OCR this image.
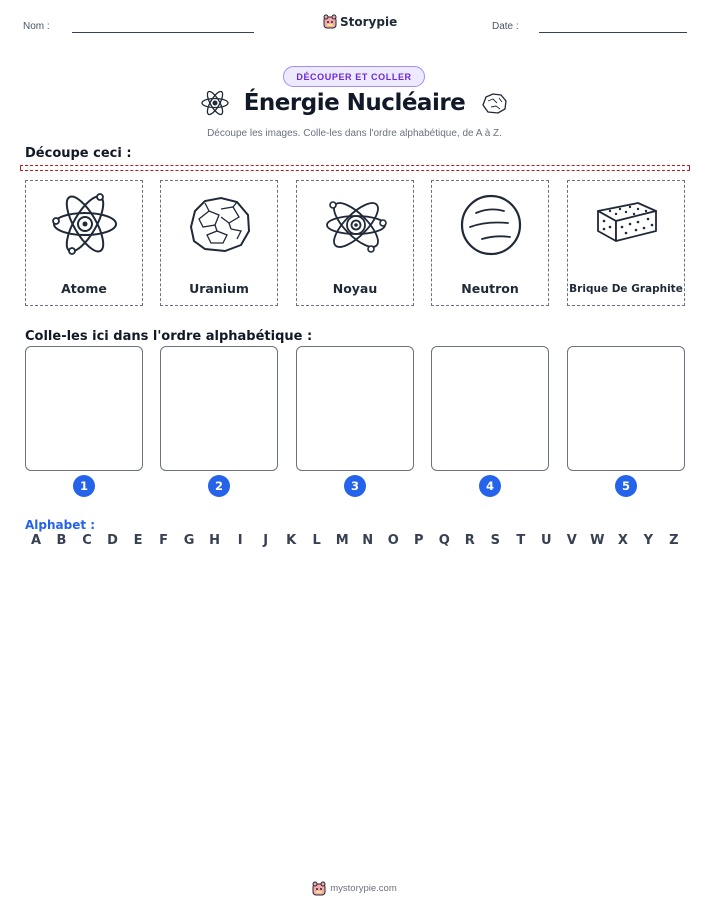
Nom :	Storypie	Date :
DÉCOUPER ET COLLER
Énergie Nucléaire
Découpe les images. Colle-les dans l'ordre alphabétique, de A à Z.
Découpe ceci :
Atome	Uranium	Noyau	Neutron	Brique De Graphite
Colle-les ici dans l'ordre alphabétique :
1	2	3	4	5
Alphabet :
A	B	C	D	E	F	G	H	I	J	K	L	M	N	O	P	Q	R	S	T	U	V	W	X	Y	Z
mystorypie.com
